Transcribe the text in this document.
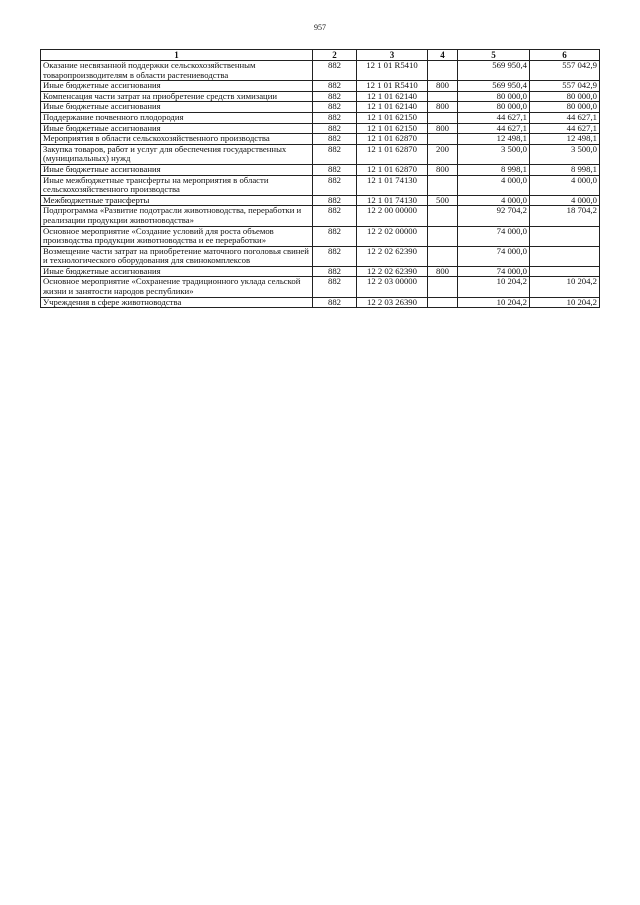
957
1	2	3	4	5	6
Оказание несвязанной поддержки сельскохозяйственным товаропроизводителям в области растениеводства	882	12 1 01 R5410		569 950,4	557 042,9
Иные бюджетные ассигнования	882	12 1 01 R5410	800	569 950,4	557 042,9
Компенсация части затрат на приобретение средств химизации	882	12 1 01 62140		80 000,0	80 000,0
Иные бюджетные ассигнования	882	12 1 01 62140	800	80 000,0	80 000,0
Поддержание почвенного плодородия	882	12 1 01 62150		44 627,1	44 627,1
Иные бюджетные ассигнования	882	12 1 01 62150	800	44 627,1	44 627,1
Мероприятия в области сельскохозяйственного производства	882	12 1 01 62870		12 498,1	12 498,1
Закупка товаров, работ и услуг для обеспечения государственных (муниципальных) нужд	882	12 1 01 62870	200	3 500,0	3 500,0
Иные бюджетные ассигнования	882	12 1 01 62870	800	8 998,1	8 998,1
Иные межбюджетные трансферты на мероприятия в области сельскохозяйственного производства	882	12 1 01 74130		4 000,0	4 000,0
Межбюджетные трансферты	882	12 1 01 74130	500	4 000,0	4 000,0
Подпрограмма «Развитие подотрасли животноводства, переработки и реализации продукции животноводства»	882	12 2 00 00000		92 704,2	18 704,2
Основное мероприятие «Создание условий для роста объемов производства продукции животноводства и ее переработки»	882	12 2 02 00000		74 000,0	
Возмещение части затрат на приобретение маточного поголовья свиней и технологического оборудования для свинокомплексов	882	12 2 02 62390		74 000,0	
Иные бюджетные ассигнования	882	12 2 02 62390	800	74 000,0	
Основное мероприятие «Сохранение традиционного уклада сельской жизни и занятости народов республики»	882	12 2 03 00000		10 204,2	10 204,2
Учреждения в сфере животноводства	882	12 2 03 26390		10 204,2	10 204,2
